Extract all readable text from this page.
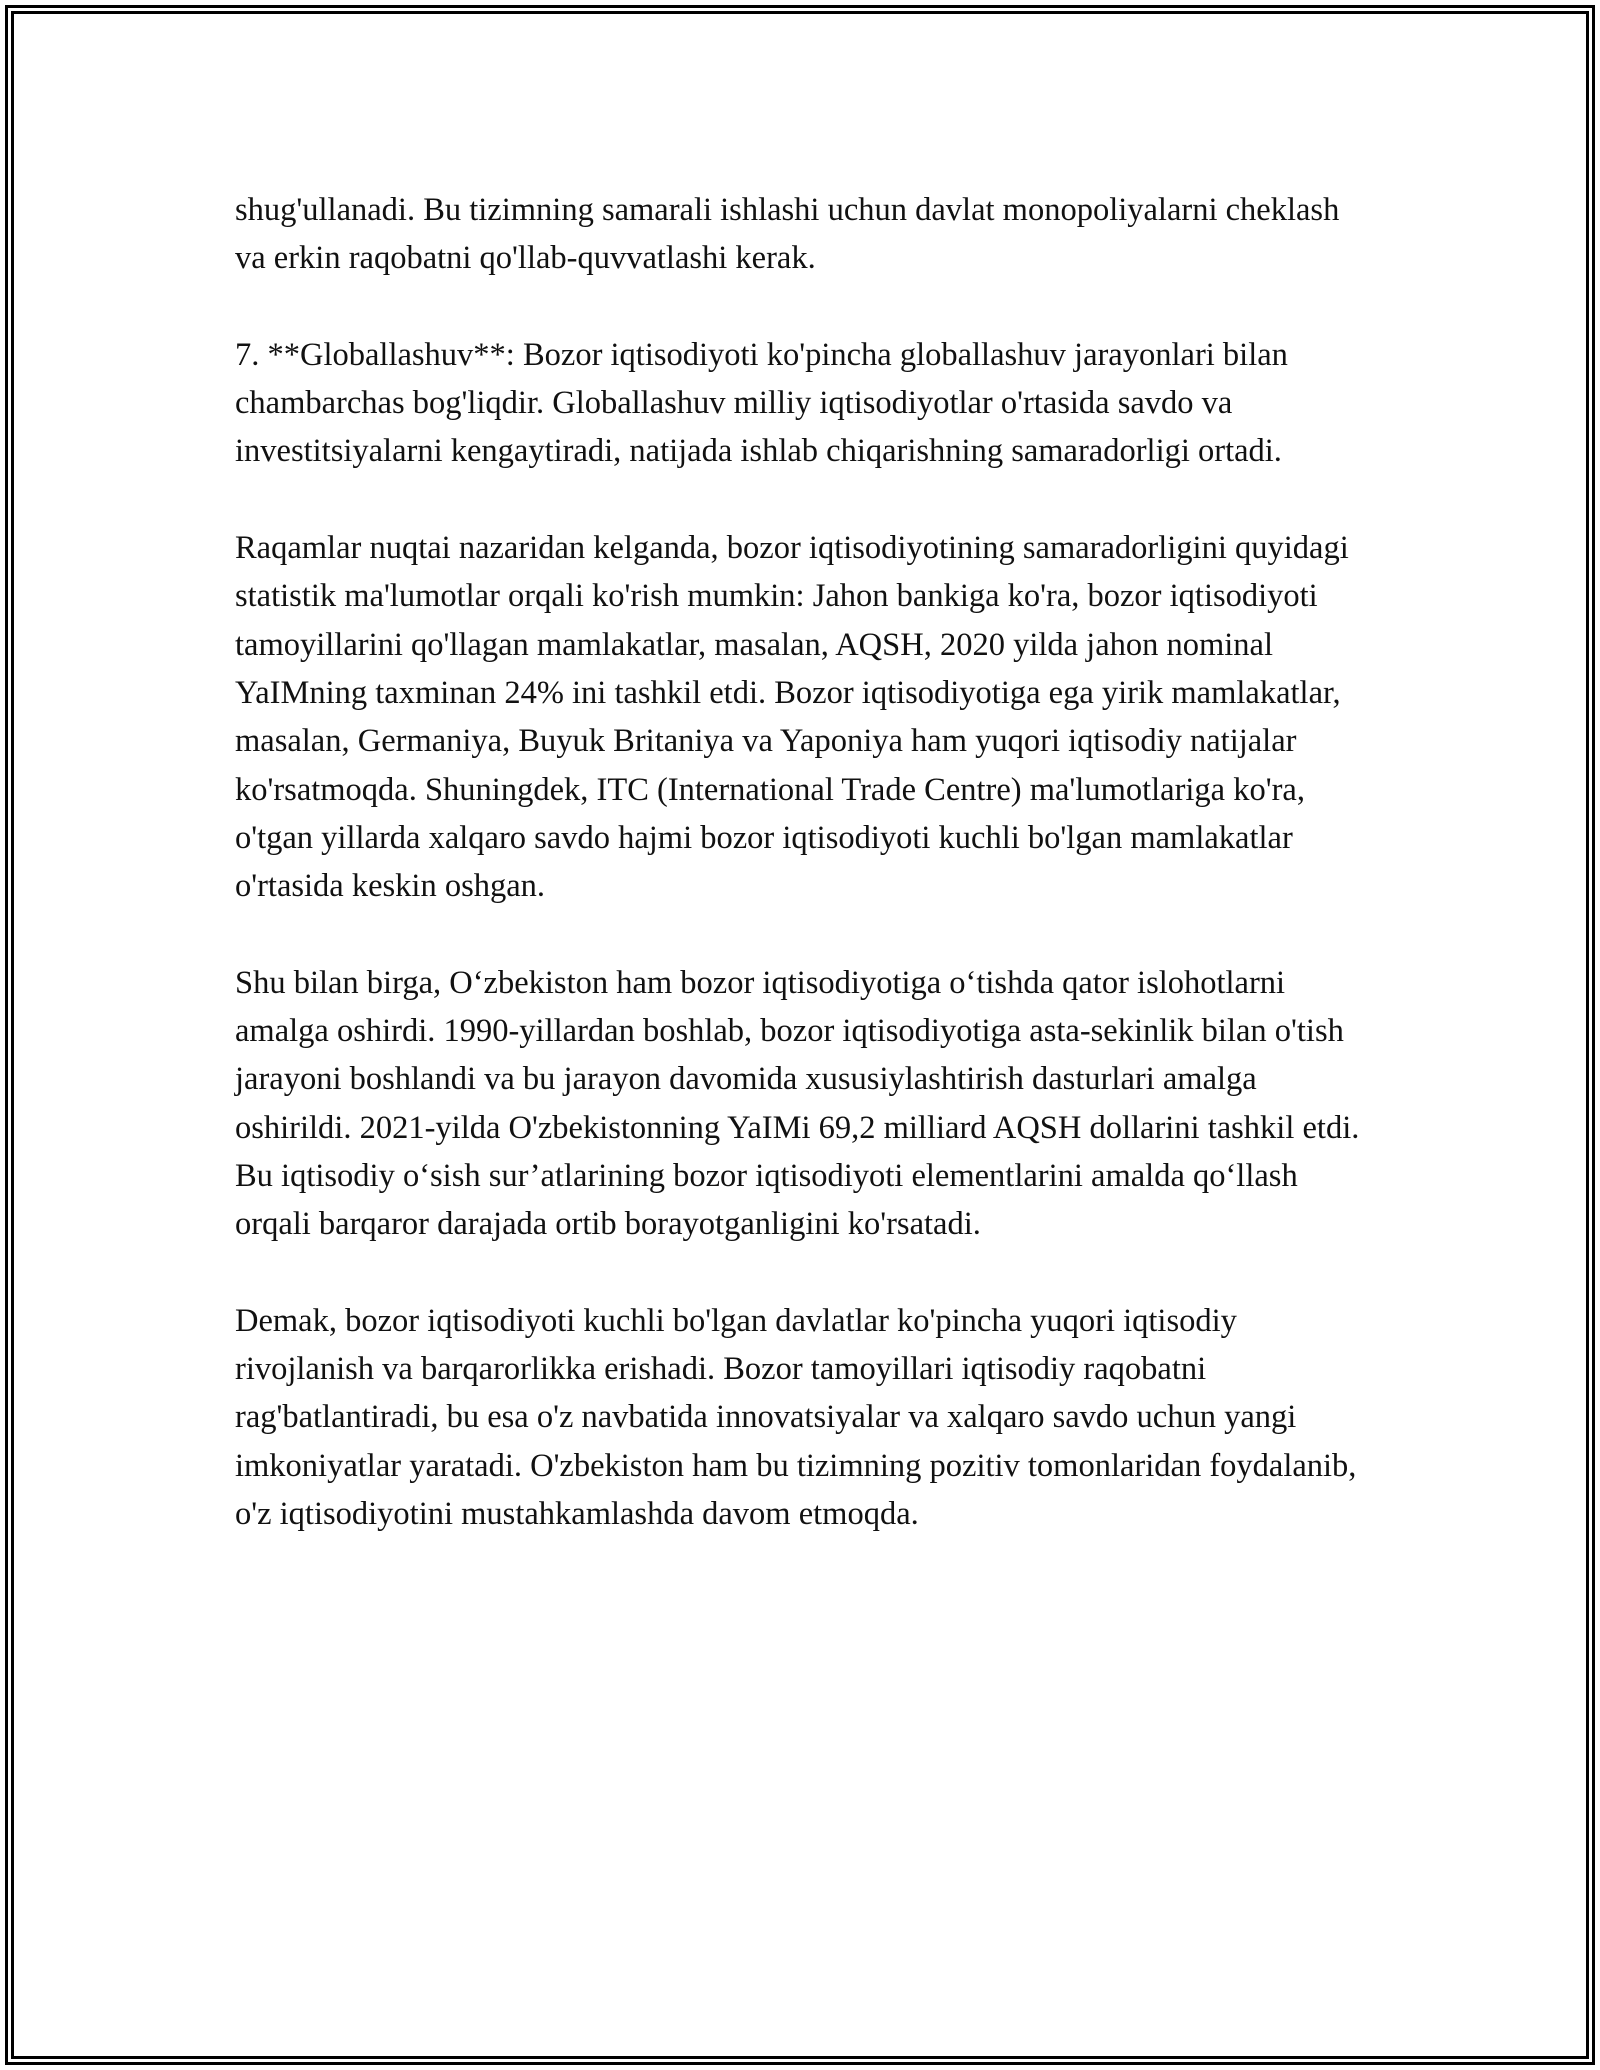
shug'ullanadi. Bu tizimning samarali ishlashi uchun davlat monopoliyalarni cheklash va erkin raqobatni qo'llab-quvvatlashi kerak.

7. **Globallashuv**: Bozor iqtisodiyoti ko'pincha globallashuv jarayonlari bilan chambarchas bog'liqdir. Globallashuv milliy iqtisodiyotlar o'rtasida savdo va investitsiyalarni kengaytiradi, natijada ishlab chiqarishning samaradorligi ortadi.

Raqamlar nuqtai nazaridan kelganda, bozor iqtisodiyotining samaradorligini quyidagi statistik ma'lumotlar orqali ko'rish mumkin: Jahon bankiga ko'ra, bozor iqtisodiyoti tamoyillarini qo'llagan mamlakatlar, masalan, AQSH, 2020 yilda jahon nominal YaIMning taxminan 24% ini tashkil etdi. Bozor iqtisodiyotiga ega yirik mamlakatlar, masalan, Germaniya, Buyuk Britaniya va Yaponiya ham yuqori iqtisodiy natijalar ko'rsatmoqda. Shuningdek, ITC (International Trade Centre) ma'lumotlariga ko'ra, o'tgan yillarda xalqaro savdo hajmi bozor iqtisodiyoti kuchli bo'lgan mamlakatlar o'rtasida keskin oshgan.

Shu bilan birga, O‘zbekiston ham bozor iqtisodiyotiga o‘tishda qator islohotlarni amalga oshirdi. 1990-yillardan boshlab, bozor iqtisodiyotiga asta-sekinlik bilan o'tish jarayoni boshlandi va bu jarayon davomida xususiylashtirish dasturlari amalga oshirildi. 2021-yilda O'zbekistonning YaIMi 69,2 milliard AQSH dollarini tashkil etdi. Bu iqtisodiy o‘sish sur’atlarining bozor iqtisodiyoti elementlarini amalda qo‘llash orqali barqaror darajada ortib borayotganligini ko'rsatadi.

Demak, bozor iqtisodiyoti kuchli bo'lgan davlatlar ko'pincha yuqori iqtisodiy rivojlanish va barqarorlikka erishadi. Bozor tamoyillari iqtisodiy raqobatni rag'batlantiradi, bu esa o'z navbatida innovatsiyalar va xalqaro savdo uchun yangi imkoniyatlar yaratadi. O'zbekiston ham bu tizimning pozitiv tomonlaridan foydalanib, o'z iqtisodiyotini mustahkamlashda davom etmoqda.
